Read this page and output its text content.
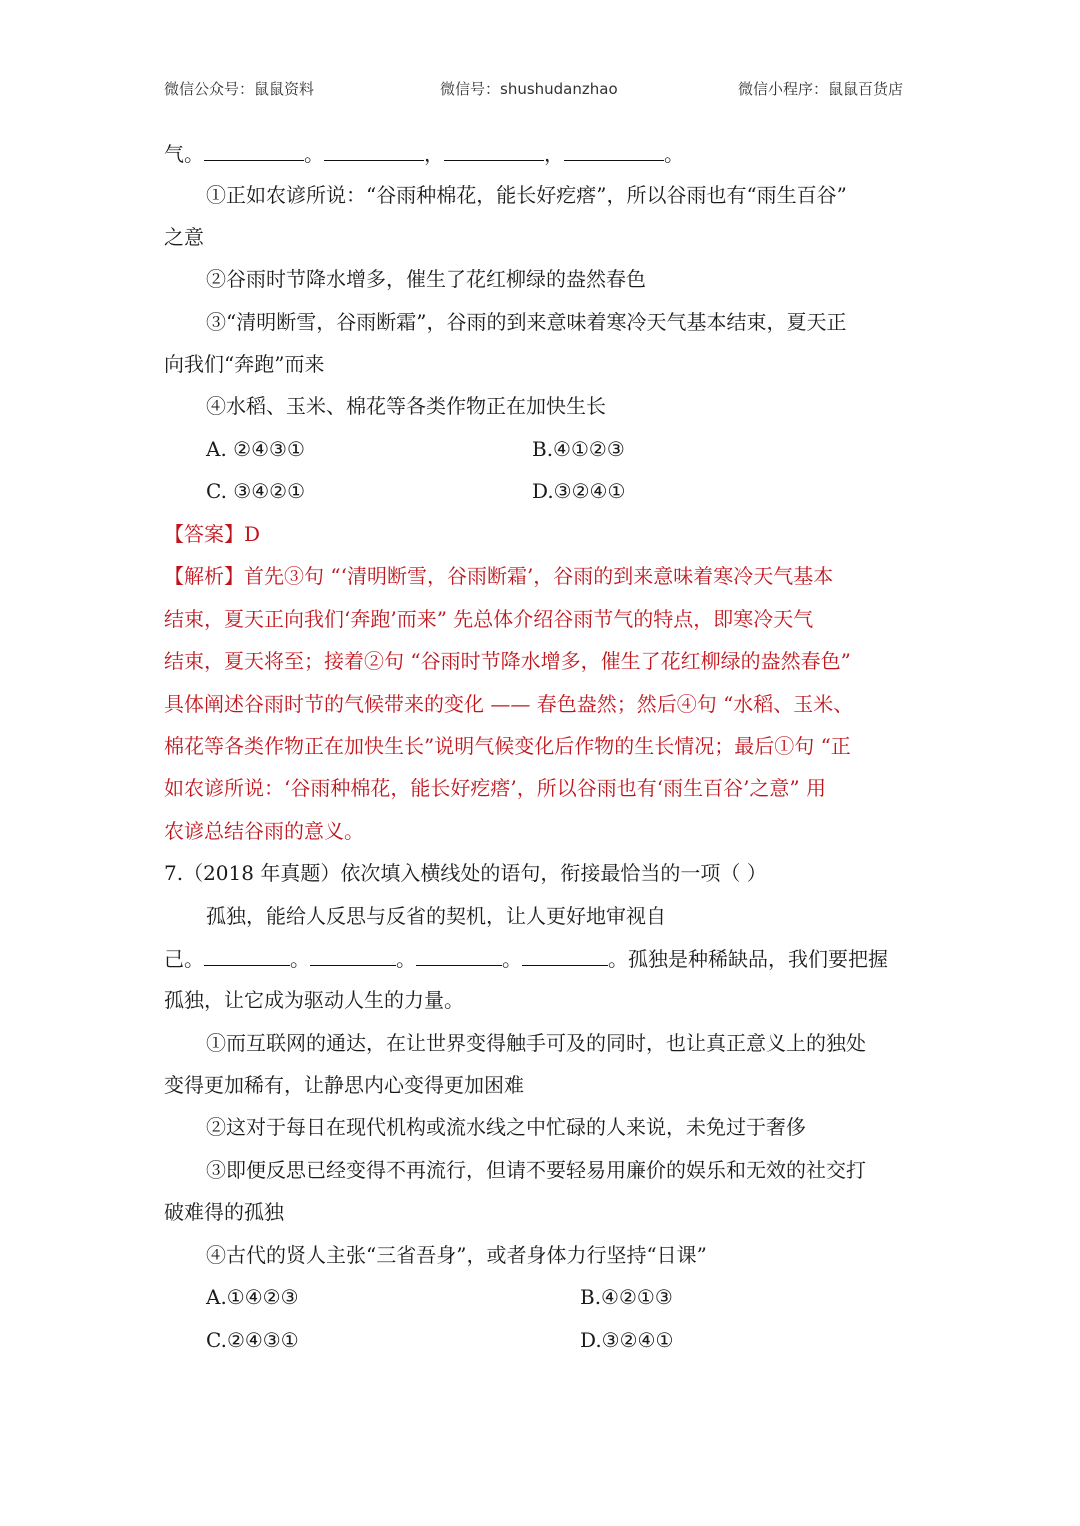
微信公众号：鼠鼠资料	微信号：shushudanzhao	微信小程序：鼠鼠百货店
气。	。	，	，	。
①正如农谚所说：“谷雨种棉花，能长好疙瘩”，所以谷雨也有“雨生百谷”
之意
②谷雨时节降水增多，催生了花红柳绿的盎然春色
③“清明断雪，谷雨断霜”，谷雨的到来意味着寒冷天气基本结束，夏天正
向我们“奔跑”而来
④水稻、玉米、棉花等各类作物正在加快生长
A. ②④③①	B.④①②③
C. ③④②①	D.③②④①
【答案】D
【解析】首先③句 “‘清明断雪，谷雨断霜’，谷雨的到来意味着寒冷天气基本
结束，夏天正向我们‘奔跑’而来” 先总体介绍谷雨节气的特点，即寒冷天气
结束，夏天将至；接着②句 “谷雨时节降水增多，催生了花红柳绿的盎然春色”
具体阐述谷雨时节的气候带来的变化 —— 春色盎然；然后④句 “水稻、玉米、
棉花等各类作物正在加快生长”说明气候变化后作物的生长情况；最后①句 “正
如农谚所说：‘谷雨种棉花，能长好疙瘩’，所以谷雨也有‘雨生百谷’之意” 用
农谚总结谷雨的意义。
7.（2018 年真题）依次填入横线处的语句，衔接最恰当的一项（ ）
孤独，能给人反思与反省的契机，让人更好地审视自
己。	。	。	。	。孤独是种稀缺品，我们要把握
孤独，让它成为驱动人生的力量。
①而互联网的通达，在让世界变得触手可及的同时，也让真正意义上的独处
变得更加稀有，让静思内心变得更加困难
②这对于每日在现代机构或流水线之中忙碌的人来说，未免过于奢侈
③即便反思已经变得不再流行，但请不要轻易用廉价的娱乐和无效的社交打
破难得的孤独
④古代的贤人主张“三省吾身”，或者身体力行坚持“日课”
A.①④②③	B.④②①③
C.②④③①	D.③②④①
